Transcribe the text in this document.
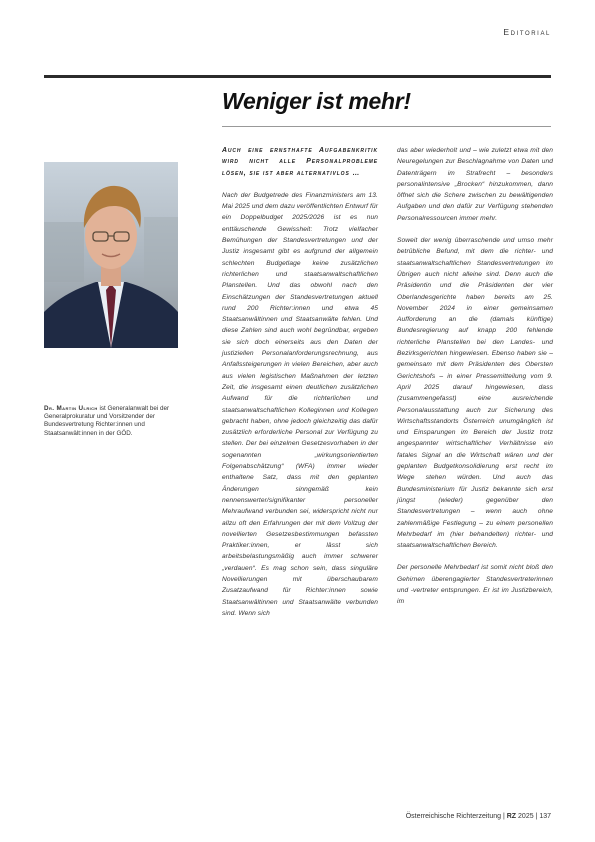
Editorial
Weniger ist mehr!
Dr. Martin Ulrich ist Generalanwalt bei der Generalprokuratur und Vorsitzender der Bundesvertretung Richter:innen und Staatsanwält:innen in der GÖD.

Auch eine ernsthafte Aufgabenkritik wird nicht alle Personalprobleme lösen, sie ist aber alternativlos …

Nach der Budgetrede des Finanzministers am 13. Mai 2025 und dem dazu veröffentlichten Entwurf für ein Doppelbudget 2025/2026 ist es nun enttäuschende Gewissheit: Trotz vielfacher Bemühungen der Standesvertretungen und der Justiz insgesamt gibt es aufgrund der allgemein schlechten Budgetlage keine zusätzlichen richterlichen und staatsanwaltschaftlichen Planstellen. Und das obwohl nach den Einschätzungen der Standesvertretungen aktuell rund 200 Richter:innen und etwa 45 Staatsanwältinnen und Staatsanwälte fehlen. Und diese Zahlen sind auch wohl begründbar, ergeben sie sich doch einerseits aus den Daten der justiziellen Personalanforderungsrechnung, aus Anfallssteigerungen in vielen Bereichen, aber auch aus vielen legistischen Maßnahmen der letzten Zeit, die insgesamt einen deutlichen zusätzlichen Aufwand für die richterlichen und staatsanwaltschaftlichen Kolleginnen und Kollegen gebracht haben, ohne jedoch gleichzeitig das dafür zusätzlich erforderliche Personal zur Verfügung zu stellen. Der bei einzelnen Gesetzesvorhaben in der sogenannten „wirkungsorientierten Folgenabschätzung“ (WFA) immer wieder enthaltene Satz, dass mit den geplanten Änderungen sinngemäß kein nennenswerter/signifikanter personeller Mehraufwand verbunden sei, widerspricht nicht nur allzu oft den Erfahrungen der mit dem Vollzug der novellierten Gesetzesbestimmungen befassten Praktiker:innen, er lässt sich arbeitsbelastungsmäßig auch immer schwerer „verdauen“. Es mag schon sein, dass singuläre Novellierungen mit überschaubarem Zusatzaufwand für Richter:innen sowie Staatsanwältinnen und Staatsanwälte verbunden sind. Wenn sich

das aber wiederholt und – wie zuletzt etwa mit den Neuregelungen zur Beschlagnahme von Daten und Datenträgern im Strafrecht – besonders personalintensive „Brocken“ hinzukommen, dann öffnet sich die Schere zwischen zu bewältigenden Aufgaben und den dafür zur Verfügung stehenden Personalressourcen immer mehr.

Soweit der wenig überraschende und umso mehr betrübliche Befund, mit dem die richter- und staatsanwaltschaftlichen Standesvertretungen im Übrigen auch nicht alleine sind. Denn auch die Präsidentin und die Präsidenten der vier Oberlandesgerichte haben bereits am 25. November 2024 in einer gemeinsamen Aufforderung an die (damals künftige) Bundesregierung auf knapp 200 fehlende richterliche Planstellen bei den Landes- und Bezirksgerichten hingewiesen. Ebenso haben sie – gemeinsam mit dem Präsidenten des Obersten Gerichtshofs – in einer Pressemitteilung vom 9. April 2025 darauf hingewiesen, dass (zusammengefasst) eine ausreichende Personalausstattung auch zur Sicherung des Wirtschaftsstandorts Österreich unumgänglich ist und Einsparungen im Bereich der Justiz trotz angespannter wirtschaftlicher Verhältnisse ein fatales Signal an die Wirtschaft wären und der geplanten Budgetkonsolidierung erst recht im Wege stehen würden. Und auch das Bundesministerium für Justiz bekannte sich erst jüngst (wieder) gegenüber den Standesvertretungen – wenn auch ohne zahlenmäßige Festlegung – zu einem personellen Mehrbedarf im (hier behandelten) richter- und staatsanwaltschaftlichen Bereich.

Der personelle Mehrbedarf ist somit nicht bloß den Gehirnen überengagierter Standesvertreterinnen und -vertreter entsprungen. Er ist im Justizbereich, im

Österreichische Richterzeitung | RZ 2025 | 137
